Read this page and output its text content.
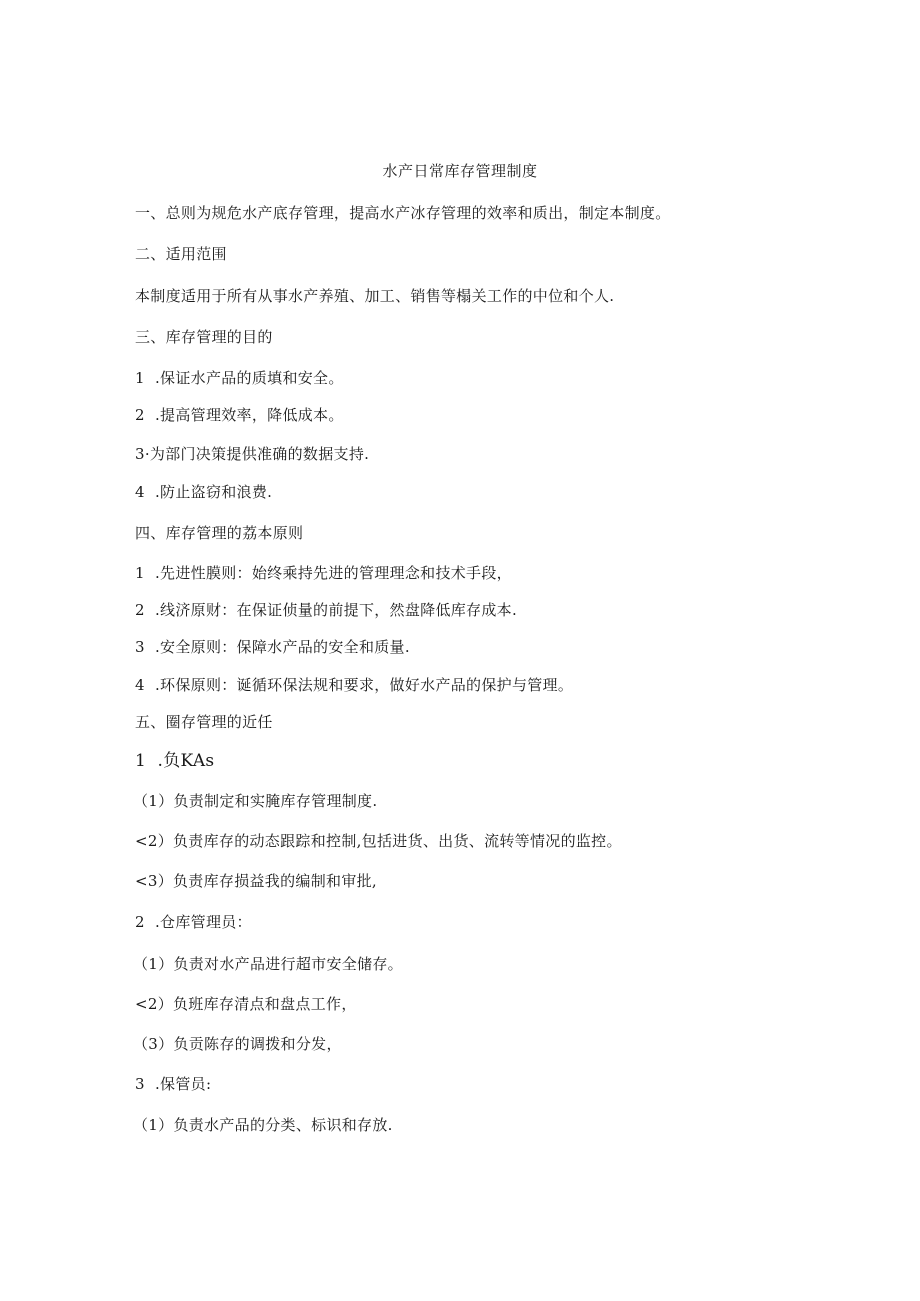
水产日常库存管理制度
一、总则为规危水产底存管理，提高水产冰存管理的效率和质出，制定本制度。
二、适用范围
本制度适用于所有从事水产养殖、加工、销售等榻关工作的中位和个人.
三、库存管理的目的
1  .保证水产品的质填和安全。
2  .提高管理效率，降低成本。
3·为部门决策提供准确的数据支持.
4  .防止盗窃和浪费.
四、库存管理的荔本原则
1  .先进性膜则：始终乘持先进的管理理念和技术手段，
2  .线济原财：在保证侦量的前提下，然盘降低库存成本.
3  .安全原则：保障水产品的安全和质量.
4  .环保原则：诞循环保法规和要求，做好水产品的保护与管理。
五、圈存管理的近任
1  .负KAs
（1）负责制定和实腌库存管理制度.
<2）负责库存的动态跟踪和控制,包括进货、出货、流转等情况的监控。
<3）负责库存损益我的编制和审批,
2  .仓库管理员：
（1）负责对水产品进行超市安全储存。
<2）负班库存清点和盘点工作，
（3）负贡陈存的调拨和分发，
3  .保管员:
（1）负责水产品的分类、标识和存放.
